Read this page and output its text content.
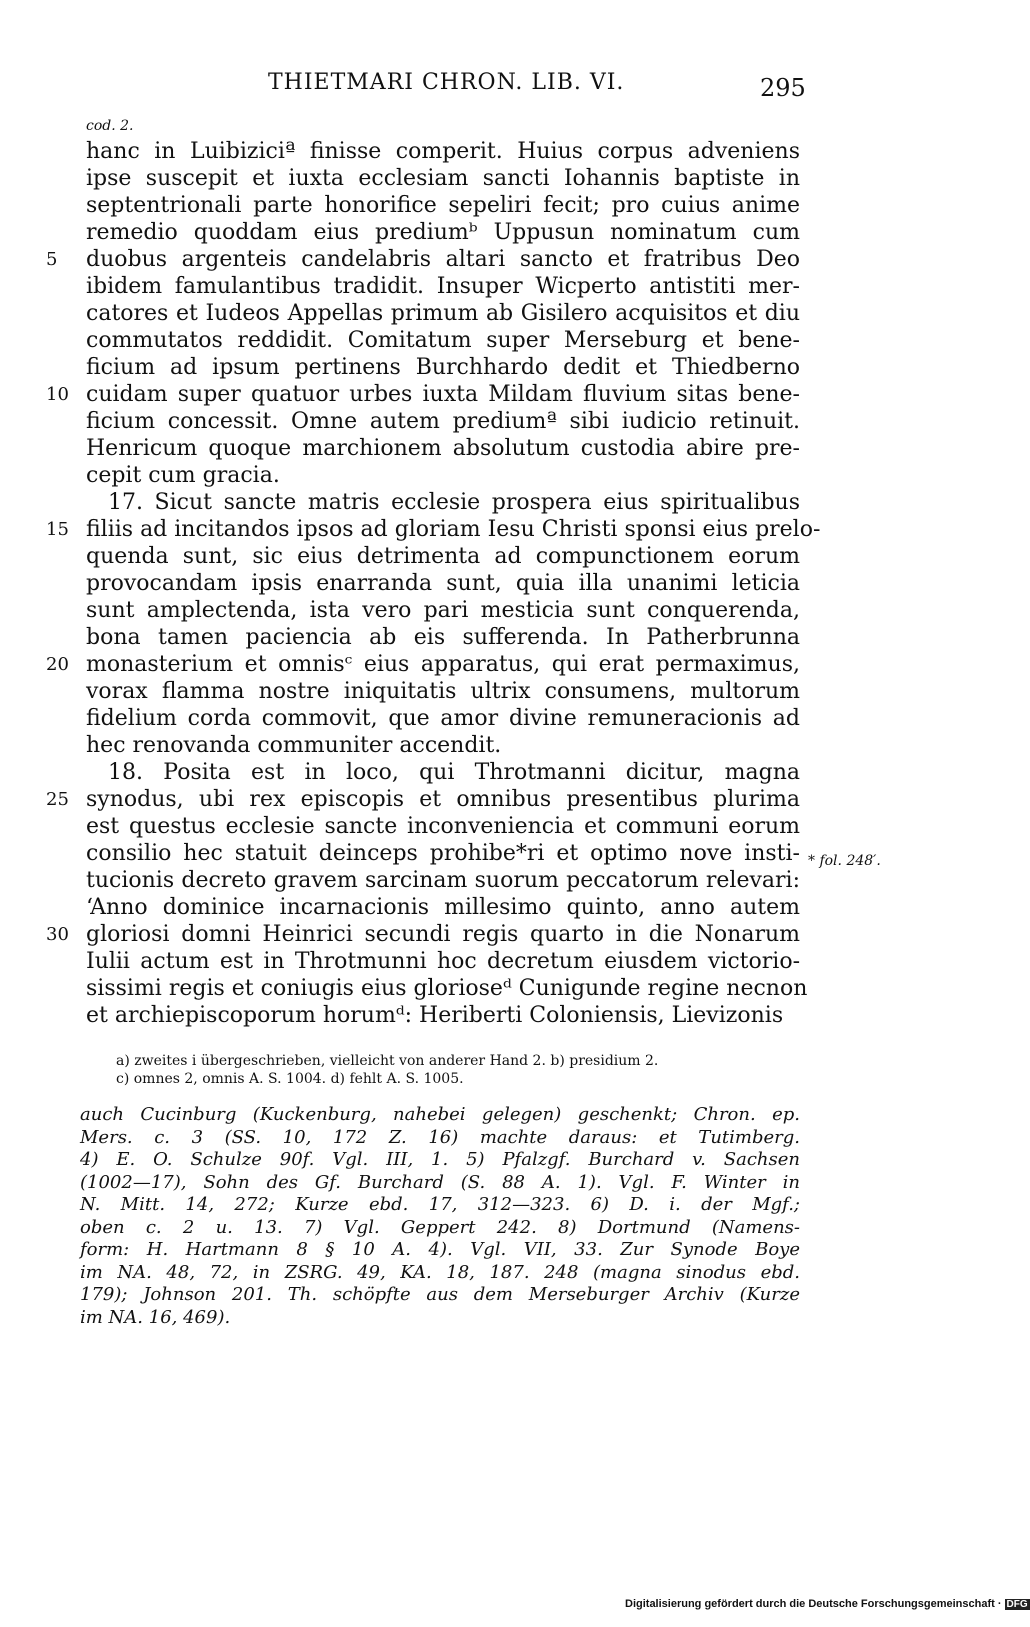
THIETMARI CHRON. LIB. VI.	295
cod. 2.
hanc in Luibiziciª finisse comperit. Huius corpus adveniens
ipse suscepit et iuxta ecclesiam sancti Iohannis baptiste in
septentrionali parte honorifice sepeliri fecit; pro cuius anime
remedio quoddam eius prediumᵇ Uppusun nominatum cum
duobus argenteis candelabris altari sancto et fratribus Deo
ibidem famulantibus tradidit. Insuper Wicperto antistiti mer-
catores et Iudeos Appellas primum ab Gisilero acquisitos et diu
commutatos reddidit. Comitatum super Merseburg et bene-
ficium ad ipsum pertinens Burchhardo dedit et Thiedberno
cuidam super quatuor urbes iuxta Mildam fluvium sitas bene-
ficium concessit. Omne autem prediumª sibi iudicio retinuit.
Henricum quoque marchionem absolutum custodia abire pre-
cepit cum gracia.
17. Sicut sancte matris ecclesie prospera eius spiritualibus
filiis ad incitandos ipsos ad gloriam Iesu Christi sponsi eius prelo-
quenda sunt, sic eius detrimenta ad compunctionem eorum
provocandam ipsis enarranda sunt, quia illa unanimi leticia
sunt amplectenda, ista vero pari mesticia sunt conquerenda,
bona tamen paciencia ab eis sufferenda. In Patherbrunna
monasterium et omnisᶜ eius apparatus, qui erat permaximus,
vorax flamma nostre iniquitatis ultrix consumens, multorum
fidelium corda commovit, que amor divine remuneracionis ad
hec renovanda communiter accendit.
18. Posita est in loco, qui Throtmanni dicitur, magna
synodus, ubi rex episcopis et omnibus presentibus plurima
est questus ecclesie sancte inconveniencia et communi eorum
consilio hec statuit deinceps prohibe*ri et optimo nove insti-
tucionis decreto gravem sarcinam suorum peccatorum relevari:
‘Anno dominice incarnacionis millesimo quinto, anno autem
gloriosi domni Heinrici secundi regis quarto in die Nonarum
Iulii actum est in Throtmunni hoc decretum eiusdem victorio-
sissimi regis et coniugis eius glorioseᵈ Cunigunde regine necnon
et archiepiscoporum horumᵈ: Heriberti Coloniensis, Lievizonis
5
10
15
20
25
30
* fol. 248′.
a) zweites i übergeschrieben, vielleicht von anderer Hand 2. b) presidium 2.
c) omnes 2, omnis A. S. 1004. d) fehlt A. S. 1005.
auch Cucinburg (Kuckenburg, nahebei gelegen) geschenkt; Chron. ep.
Mers. c. 3 (SS. 10, 172 Z. 16) machte daraus: et Tutimberg.
4) E. O. Schulze 90f. Vgl. III, 1. 5) Pfalzgf. Burchard v. Sachsen
(1002—17), Sohn des Gf. Burchard (S. 88 A. 1). Vgl. F. Winter in
N. Mitt. 14, 272; Kurze ebd. 17, 312—323. 6) D. i. der Mgf.;
oben c. 2 u. 13. 7) Vgl. Geppert 242. 8) Dortmund (Namens-
form: H. Hartmann 8 § 10 A. 4). Vgl. VII, 33. Zur Synode Boye
im NA. 48, 72, in ZSRG. 49, KA. 18, 187. 248 (magna sinodus ebd.
179); Johnson 201. Th. schöpfte aus dem Merseburger Archiv (Kurze
im NA. 16, 469).
Digitalisierung gefördert durch die Deutsche Forschungsgemeinschaft · DFG
